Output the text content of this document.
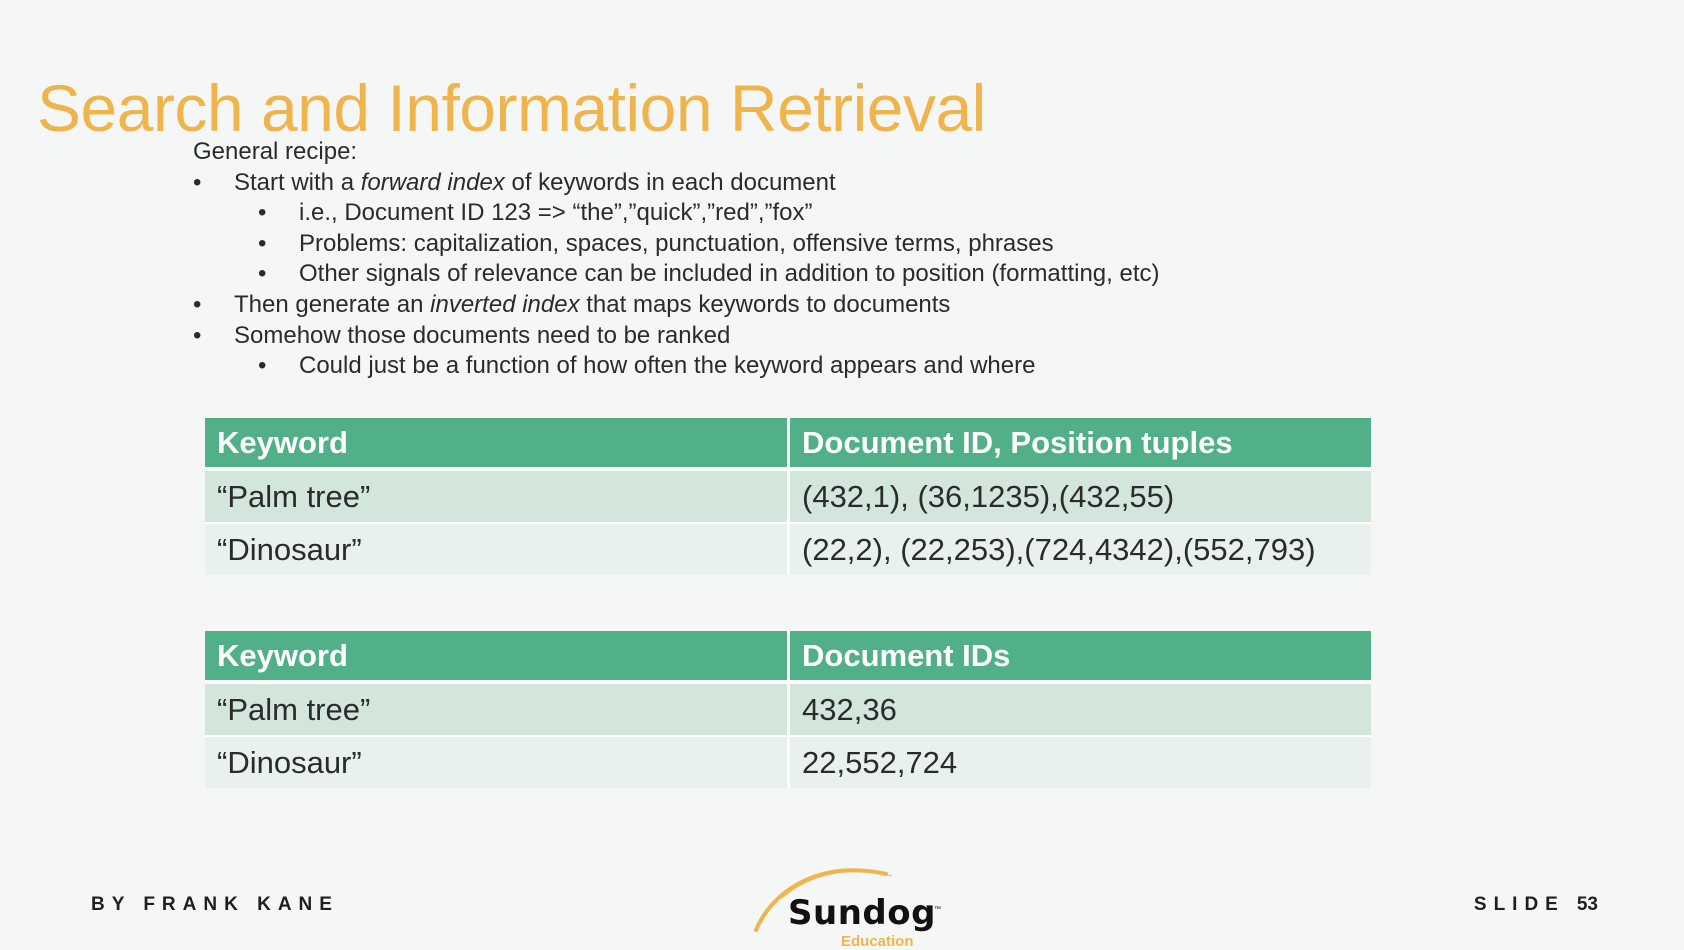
Search and Information Retrieval
General recipe:
• Start with a forward index of keywords in each document
• i.e., Document ID 123 => “the”,”quick”,”red”,”fox”
• Problems: capitalization, spaces, punctuation, offensive terms, phrases
• Other signals of relevance can be included in addition to position (formatting, etc)
• Then generate an inverted index that maps keywords to documents
• Somehow those documents need to be ranked
• Could just be a function of how often the keyword appears and where
Keyword	Document ID, Position tuples
“Palm tree”	(432,1), (36,1235),(432,55)
“Dinosaur”	(22,2), (22,253),(724,4342),(552,793)
Keyword	Document IDs
“Palm tree”	432,36
“Dinosaur”	22,552,724
BY FRANK KANE	Sundog
™
Education
SLIDE 53
